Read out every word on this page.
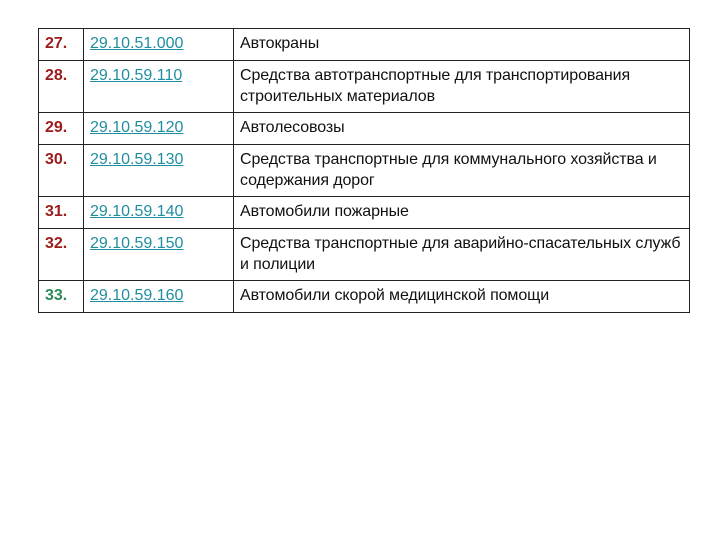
27.	29.10.51.000	Автокраны
28.	29.10.59.110	Средства автотранспортные для транспортирования строительных материалов
29.	29.10.59.120	Автолесовозы
30.	29.10.59.130	Средства транспортные для коммунального хозяйства и содержания дорог
31.	29.10.59.140	Автомобили пожарные
32.	29.10.59.150	Средства транспортные для аварийно-спасательных служб и полиции
33.	29.10.59.160	Автомобили скорой медицинской помощи
